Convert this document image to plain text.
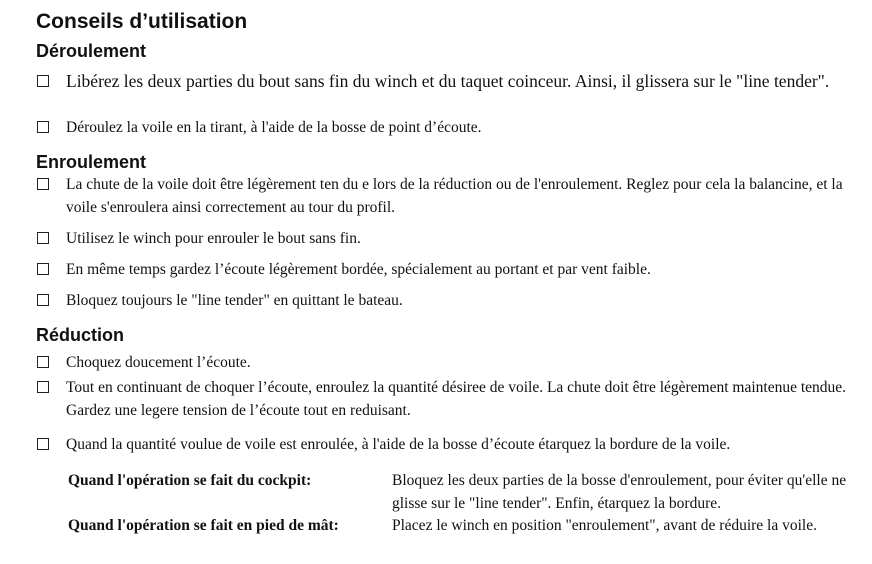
Conseils d’utilisation
Déroulement
Libérez les deux parties du bout sans fin du winch et du taquet coinceur. Ainsi, il glissera sur le "line tender".
Déroulez la voile en la tirant, à l'aide de la bosse de point d’écoute.
Enroulement
La chute de la voile doit être légèrement ten du e lors de la réduction ou de l'enroulement. Reglez pour cela la balancine, et la voile s'enroulera ainsi correctement au tour du profil.
Utilisez le winch pour enrouler le bout sans fin.
En même temps gardez l’écoute légèrement bordée, spécialement au portant et par vent faible.
Bloquez toujours le "line tender" en quittant le bateau.
Réduction
Choquez doucement l’écoute.
Tout en continuant de choquer l’écoute, enroulez la quantité désiree de voile. La chute doit être légèrement maintenue tendue. Gardez une legere tension de l’écoute tout en reduisant.
Quand la quantité voulue de voile est enroulée, à l'aide de la bosse d’écoute étarquez la bordure de la voile.
Quand l'opération se fait du cockpit:	Bloquez les deux parties de la bosse d'enroulement, pour éviter qu'elle ne glisse sur le "line tender". Enfin, étarquez la bordure.
Quand l'opération se fait en pied de mât:	Placez le winch en position "enroulement", avant de réduire la voile.
